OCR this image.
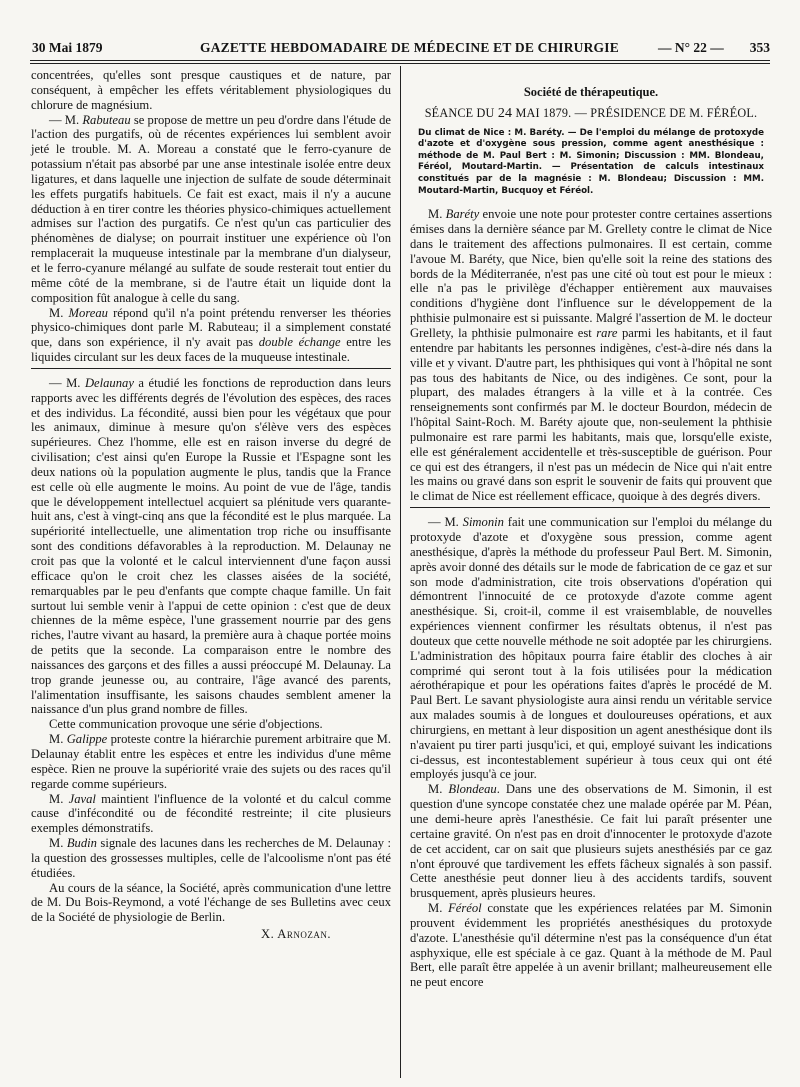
30 Mai 1879	GAZETTE HEBDOMADAIRE DE MÉDECINE ET DE CHIRURGIE	— N° 22 — 353

concentrées, qu'elles sont presque caustiques et de nature, par conséquent, à empêcher les effets véritablement physiologiques du chlorure de magnésium.

— M. Rabuteau se propose de mettre un peu d'ordre dans l'étude de l'action des purgatifs, où de récentes expériences lui semblent avoir jeté le trouble. M. A. Moreau a constaté que le ferro-cyanure de potassium n'était pas absorbé par une anse intestinale isolée entre deux ligatures, et dans laquelle une injection de sulfate de soude déterminait les effets purgatifs habituels. Ce fait est exact, mais il n'y a aucune déduction à en tirer contre les théories physico-chimiques actuellement admises sur l'action des purgatifs. Ce n'est qu'un cas particulier des phénomènes de dialyse; on pourrait instituer une expérience où l'on remplacerait la muqueuse intestinale par la membrane d'un dialyseur, et le ferro-cyanure mélangé au sulfate de soude resterait tout entier du même côté de la membrane, si de l'autre était un liquide dont la composition fût analogue à celle du sang.

M. Moreau répond qu'il n'a point prétendu renverser les théories physico-chimiques dont parle M. Rabuteau; il a simplement constaté que, dans son expérience, il n'y avait pas double échange entre les liquides circulant sur les deux faces de la muqueuse intestinale.

— M. Delaunay a étudié les fonctions de reproduction dans leurs rapports avec les différents degrés de l'évolution des espèces, des races et des individus. La fécondité, aussi bien pour les végétaux que pour les animaux, diminue à mesure qu'on s'élève vers des espèces supérieures. Chez l'homme, elle est en raison inverse du degré de civilisation; c'est ainsi qu'en Europe la Russie et l'Espagne sont les deux nations où la population augmente le plus, tandis que la France est celle où elle augmente le moins. Au point de vue de l'âge, tandis que le développement intellectuel acquiert sa plénitude vers quarante-huit ans, c'est à vingt-cinq ans que la fécondité est le plus marquée. La supériorité intellectuelle, une alimentation trop riche ou insuffisante sont des conditions défavorables à la reproduction. M. Delaunay ne croit pas que la volonté et le calcul interviennent d'une façon aussi efficace qu'on le croit chez les classes aisées de la société, remarquables par le peu d'enfants que compte chaque famille. Un fait surtout lui semble venir à l'appui de cette opinion : c'est que de deux chiennes de la même espèce, l'une grassement nourrie par des gens riches, l'autre vivant au hasard, la première aura à chaque portée moins de petits que la seconde. La comparaison entre le nombre des naissances des garçons et des filles a aussi préoccupé M. Delaunay. La trop grande jeunesse ou, au contraire, l'âge avancé des parents, l'alimentation insuffisante, les saisons chaudes semblent amener la naissance d'un plus grand nombre de filles.

Cette communication provoque une série d'objections.

M. Galippe proteste contre la hiérarchie purement arbitraire que M. Delaunay établit entre les espèces et entre les individus d'une même espèce. Rien ne prouve la supériorité vraie des sujets ou des races qu'il regarde comme supérieurs.

M. Javal maintient l'influence de la volonté et du calcul comme cause d'infécondité ou de fécondité restreinte; il cite plusieurs exemples démonstratifs.

M. Budin signale des lacunes dans les recherches de M. Delaunay : la question des grossesses multiples, celle de l'alcoolisme n'ont pas été étudiées.

Au cours de la séance, la Société, après communication d'une lettre de M. Du Bois-Reymond, a voté l'échange de ses Bulletins avec ceux de la Société de physiologie de Berlin.

X. Arnozan.
Société de thérapeutique.
SÉANCE DU 24 MAI 1879. — PRÉSIDENCE DE M. FÉRÉOL.
Du climat de Nice : M. Baréty. — De l'emploi du mélange de protoxyde d'azote et d'oxygène sous pression, comme agent anesthésique : méthode de M. Paul Bert : M. Simonin; Discussion : MM. Blondeau, Féréol, Moutard-Martin. — Présentation de calculs intestinaux constitués par de la magnésie : M. Blondeau; Discussion : MM. Moutard-Martin, Bucquoy et Féréol.

M. Baréty envoie une note pour protester contre certaines assertions émises dans la dernière séance par M. Grellety contre le climat de Nice dans le traitement des affections pulmonaires. Il est certain, comme l'avoue M. Baréty, que Nice, bien qu'elle soit la reine des stations des bords de la Méditerranée, n'est pas une cité où tout est pour le mieux : elle n'a pas le privilège d'échapper entièrement aux mauvaises conditions d'hygiène dont l'influence sur le développement de la phthisie pulmonaire est si puissante. Malgré l'assertion de M. le docteur Grellety, la phthisie pulmonaire est rare parmi les habitants, et il faut entendre par habitants les personnes indigènes, c'est-à-dire nés dans la ville et y vivant. D'autre part, les phthisiques qui vont à l'hôpital ne sont pas tous des habitants de Nice, ou des indigènes. Ce sont, pour la plupart, des malades étrangers à la ville et à la contrée. Ces renseignements sont confirmés par M. le docteur Bourdon, médecin de l'hôpital Saint-Roch. M. Baréty ajoute que, non-seulement la phthisie pulmonaire est rare parmi les habitants, mais que, lorsqu'elle existe, elle est généralement accidentelle et très-susceptible de guérison. Pour ce qui est des étrangers, il n'est pas un médecin de Nice qui n'ait entre les mains ou gravé dans son esprit le souvenir de faits qui prouvent que le climat de Nice est réellement efficace, quoique à des degrés divers.

— M. Simonin fait une communication sur l'emploi du mélange du protoxyde d'azote et d'oxygène sous pression, comme agent anesthésique, d'après la méthode du professeur Paul Bert. M. Simonin, après avoir donné des détails sur le mode de fabrication de ce gaz et sur son mode d'administration, cite trois observations d'opération qui démontrent l'innocuité de ce protoxyde d'azote comme agent anesthésique. Si, croit-il, comme il est vraisemblable, de nouvelles expériences viennent confirmer les résultats obtenus, il n'est pas douteux que cette nouvelle méthode ne soit adoptée par les chirurgiens. L'administration des hôpitaux pourra faire établir des cloches à air comprimé qui seront tout à la fois utilisées pour la médication aérothérapique et pour les opérations faites d'après le procédé de M. Paul Bert. Le savant physiologiste aura ainsi rendu un véritable service aux malades soumis à de longues et douloureuses opérations, et aux chirurgiens, en mettant à leur disposition un agent anesthésique dont ils n'avaient pu tirer parti jusqu'ici, et qui, employé suivant les indications ci-dessus, est incontestablement supérieur à tous ceux qui ont été employés jusqu'à ce jour.

M. Blondeau. Dans une des observations de M. Simonin, il est question d'une syncope constatée chez une malade opérée par M. Péan, une demi-heure après l'anesthésie. Ce fait lui paraît présenter une certaine gravité. On n'est pas en droit d'innocenter le protoxyde d'azote de cet accident, car on sait que plusieurs sujets anesthésiés par ce gaz n'ont éprouvé que tardivement les effets fâcheux signalés à son passif. Cette anesthésie peut donner lieu à des accidents tardifs, souvent brusquement, après plusieurs heures.

M. Féréol constate que les expériences relatées par M. Simonin prouvent évidemment les propriétés anesthésiques du protoxyde d'azote. L'anesthésie qu'il détermine n'est pas la conséquence d'un état asphyxique, elle est spéciale à ce gaz. Quant à la méthode de M. Paul Bert, elle paraît être appelée à un avenir brillant; malheureusement elle ne peut encore
